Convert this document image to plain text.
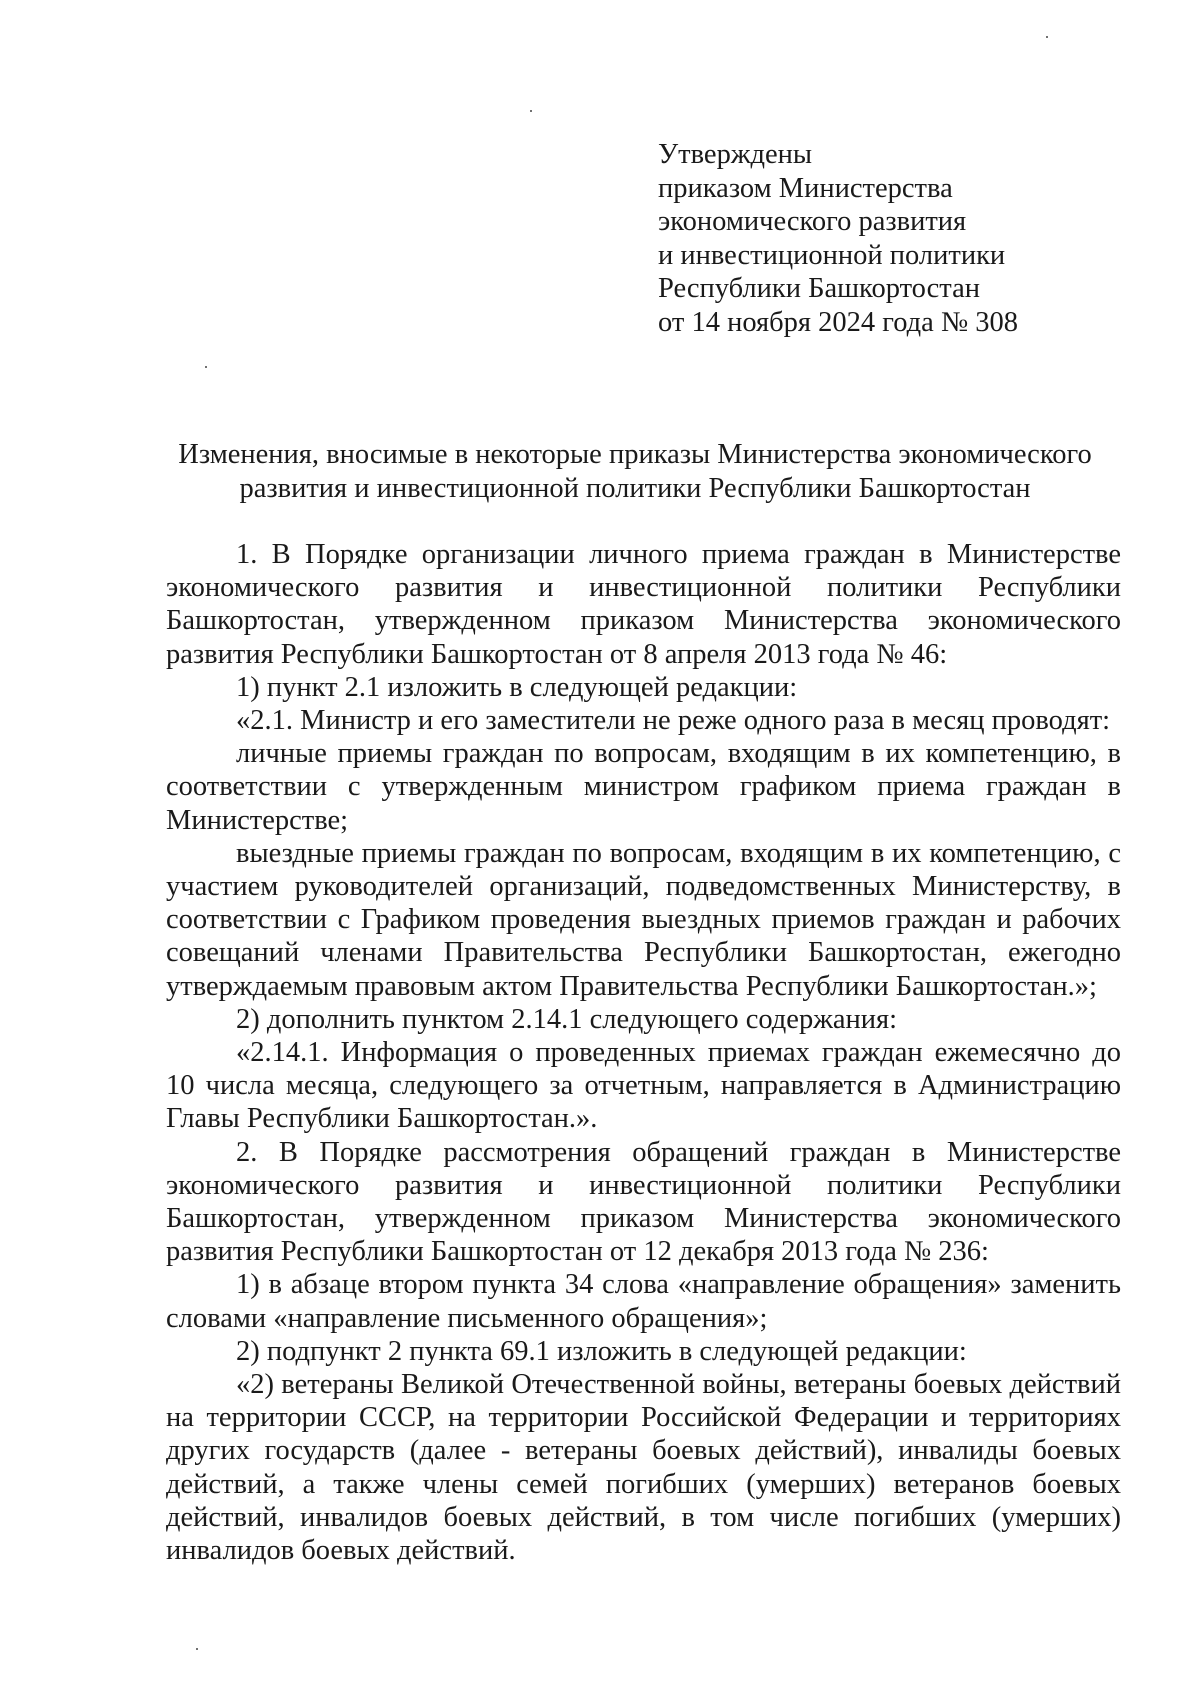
Утверждены
приказом Министерства
экономического развития
и инвестиционной политики
Республики Башкортостан
от 14 ноября 2024 года № 308
Изменения, вносимые в некоторые приказы Министерства экономического развития и инвестиционной политики Республики Башкортостан

1. В Порядке организации личного приема граждан в Министерстве экономического развития и инвестиционной политики Республики Башкортостан, утвержденном приказом Министерства экономического развития Республики Башкортостан от 8 апреля 2013 года № 46:

1) пункт 2.1 изложить в следующей редакции:

«2.1. Министр и его заместители не реже одного раза в месяц проводят:

личные приемы граждан по вопросам, входящим в их компетенцию, в соответствии с утвержденным министром графиком приема граждан в Министерстве;

выездные приемы граждан по вопросам, входящим в их компетенцию, с участием руководителей организаций, подведомственных Министерству, в соответствии с Графиком проведения выездных приемов граждан и рабочих совещаний членами Правительства Республики Башкортостан, ежегодно утверждаемым правовым актом Правительства Республики Башкортостан.»;

2) дополнить пунктом 2.14.1 следующего содержания:

«2.14.1. Информация о проведенных приемах граждан ежемесячно до 10 числа месяца, следующего за отчетным, направляется в Администрацию Главы Республики Башкортостан.».

2. В Порядке рассмотрения обращений граждан в Министерстве экономического развития и инвестиционной политики Республики Башкортостан, утвержденном приказом Министерства экономического развития Республики Башкортостан от 12 декабря 2013 года № 236:

1) в абзаце втором пункта 34 слова «направление обращения» заменить словами «направление письменного обращения»;

2) подпункт 2 пункта 69.1 изложить в следующей редакции:

«2) ветераны Великой Отечественной войны, ветераны боевых действий на территории СССР, на территории Российской Федерации и территориях других государств (далее - ветераны боевых действий), инвалиды боевых действий, а также члены семей погибших (умерших) ветеранов боевых действий, инвалидов боевых действий, в том числе погибших (умерших) инвалидов боевых действий.
